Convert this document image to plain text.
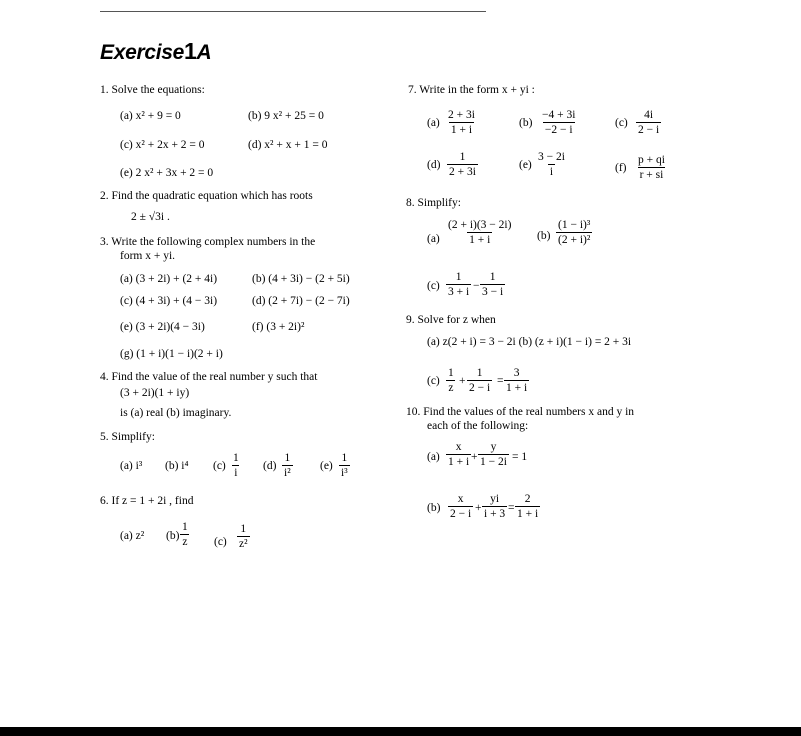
Exercise1A
1. Solve the equations:
(a) x² + 9 = 0	(b) 9 x² + 25 = 0
(c) x² + 2x + 2 = 0	(d) x² + x + 1 = 0
(e) 2 x² + 3x + 2 = 0
2. Find the quadratic equation which has roots
2 ± √3i .
3. Write the following complex numbers in the
form x + yi.
(a) (3 + 2i) + (2 + 4i)	(b) (4 + 3i) − (2 + 5i)
(c) (4 + 3i) + (4 − 3i)	(d) (2 + 7i) − (2 − 7i)
(e) (3 + 2i)(4 − 3i)	(f) (3 + 2i)²
(g) (1 + i)(1 − i)(2 + i)
4. Find the value of the real number y such that
(3 + 2i)(1 + iy)
is (a) real (b) imaginary.
5. Simplify:
(a) i³ (b) i⁴ (c)
1
i
(d)
1
i²
(e)
1
i³
6. If z = 1 + 2i , find
(a) z² (b)
1
z (c)
1
z²
7. Write in the form x + yi :
(a)
2 + 3i
1 + i
(b)
−4 + 3i
−2 − i
(c)
4i
2 − i
(d)
1
2 + 3i
(e)
3 − 2i
i	(f)
p + qi
r + si
8. Simplify:
(a)
(2 + i)(3 − 2i)
1 + i	(b)
(1 − i)³
(2 + i)²
(c)
1
3 + i −
1
3 − i
9. Solve for z when
(a) z(2 + i) = 3 − 2i (b) (z + i)(1 − i) = 2 + 3i
(c)
1
z
+
1
2 − i
=
3
1 + i
10. Find the values of the real numbers x and y in
each of the following:
(a)
x
1 + i +
y
1 − 2i = 1
(b)
x
2 − i +
yi
i + 3 =
2
1 + i
